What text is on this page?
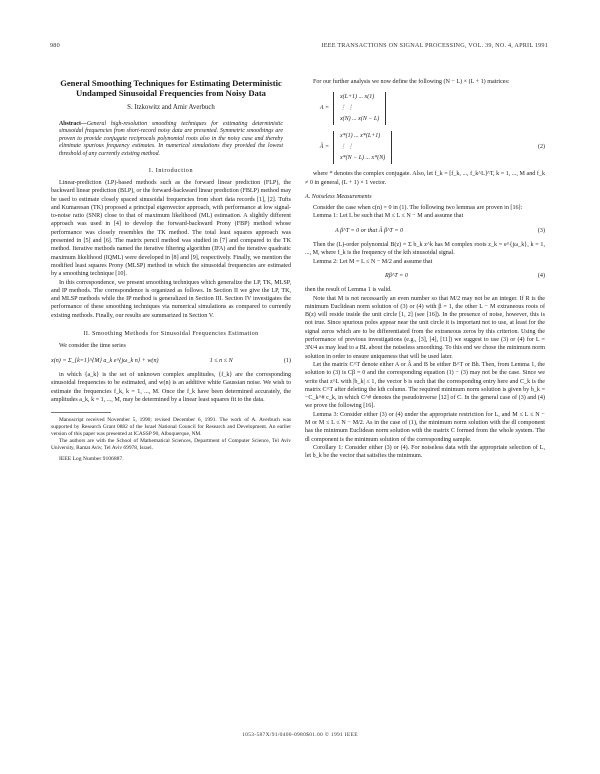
980	IEEE TRANSACTIONS ON SIGNAL PROCESSING, VOL. 39, NO. 4, APRIL 1991
General Smoothing Techniques for Estimating Deterministic Undamped Sinusoidal Frequencies from Noisy Data
S. Itzkowitz and Amir Averbuch
Abstract—General high-resolution smoothing techniques for estimating deterministic sinusoidal frequencies from short-record noisy data are presented. Symmetric smoothings are proven to provide conjugate reciprocals polynomial roots also in the noisy case and thereby eliminate spurious frequency estimates. In numerical simulations they provided the lowest threshold of any currently existing method.
I. Introduction

Linear-prediction (LP)-based methods such as the forward linear prediction (FLP), the backward linear prediction (BLP), or the forward-backward linear prediction (FBLP) method may be used to estimate closely spaced sinusoidal frequencies from short data records [1], [2]. Tufts and Kumaresan (TK) proposed a principal eigenvector approach, with performance at low signal-to-noise ratio (SNR) close to that of maximum likelihood (ML) estimation. A slightly different approach was used in [4] to develop the forward-backward Prony (FBP) method whose performance was closely resembles the TK method. The total least squares approach was presented in [5] and [6]. The matrix pencil method was studied in [7] and compared to the TK method. Iterative methods named the iterative filtering algorithm (IFA) and the iterative quadratic maximum likelihood (IQML) were developed in [8] and [9], respectively. Finally, we mention the modified least squares Prony (MLSP) method in which the sinusoidal frequencies are estimated by a smoothing technique [10].

In this correspondence, we present smoothing techniques which generalize the LP, TK, MLSP, and IP methods. The correspondence is organized as follows. In Section II we give the LP, TK, and MLSP methods while the IP method is generalized in Section III. Section IV investigates the performance of these smoothing techniques via numerical simulations as compared to currently existing methods. Finally, our results are summarized in Section V.

II. Smoothing Methods for Sinusoidal Frequencies Estimation

We consider the time series

x(n) = Σ_{k=1}^{M} a_k e^{jω_k n} + w(n)	1 ≤ n ≤ N	(1)

in which {a_k} is the set of unknown complex amplitudes, {f_k} are the corresponding sinusoidal frequencies to be estimated, and w(n) is an additive white Gaussian noise. We wish to estimate the frequencies f_k, k = 1, ..., M. Once the f_k have been determined accurately, the amplitudes a_k, k = 1, ..., M, may be determined by a linear least squares fit to the data.

Manuscript received November 5, 1990; revised December 6, 1991. The work of A. Averbuch was supported by Research Grant 0882 of the Israel National Council for Research and Development. An earlier version of this paper was presented at ICASSP 90, Albuquerque, NM.
The authors are with the School of Mathematical Sciences, Department of Computer Science, Tel Aviv University, Ramat Aviv, Tel Aviv 69978, Israel.
IEEE Log Number 9106887.

For our further analysis we now define the following (N − L) × (L + 1) matrices:

A =
x(L+1) ... x(1)
⋮ ⋮
x(N) ... x(N − L)
Â =
x*(1) ... x*(L+1)
⋮ ⋮
x*(N − L) ... x*(N)
(2)

where * denotes the complex conjugate. Also, let f_k = [f_k, ..., f_k^L]^T, k = 1, ..., M and f_k ≠ 0 in general, (L + 1) × 1 vector.

A. Noiseless Measurements

Consider the case when c(n) = 0 in (1). The following two lemmas are proven in [16]:

Lemma 1: Let L be such that M ≤ L ≤ N − M and assume that

A β^T = 0 or that Â β^T = 0	(3)

Then the (L)-order polynomial B(z) = Σ b_k z^k has M complex roots z_k = e^{jω_k}, k = 1, ..., M, where f_k is the frequency of the kth sinusoidal signal.

Lemma 2: Let M = L ≤ N − M/2 and assume that

Rβ^T = 0	(4)

then the result of Lemma 1 is valid.

Note that M is not necessarily an even number so that M/2 may not be an integer. If R is the minimum Euclidean norm solution of (3) or (4) with β = 1, the other L − M extraneous roots of B(z) will reside inside the unit circle [1, 2] (see [16]). In the presence of noise, however, this is not true. Since spurious poles appear near the unit circle it is important not to use, at least for the signal zeros which are to be differentiated from the extraneous zeros by this criterion. Using the performance of previous investigations (e.g., [3], [4], [11]) we suggest to use (3) or (4) for L = 3N/4 as may lead to a BL about the noiseless smoothing. To this end we chose the minimum norm solution in order to ensure uniqueness that will be used later.

Let the matrix C^T denote either A or Â and B be either B^T or Bh. Then, from Lemma 1, the solution to (3) is Cβ = 0 and the corresponding equation (1) − (3) may not be the case. Since we write that z^L with |b_k| ≤ 1, the vector b is such that the corresponding entry here and C_k is the matrix C^T after deleting the kth column. The required minimum norm solution is given by b_k = −C_k^# c_k, in which C^# denotes the pseudoinverse [12] of C. In the general case of (3) and (4) we prove the following [16].

Lemma 3: Consider either (3) or (4) under the appropriate restriction for L, and M ≤ L ≤ N − M or M ≤ L ≤ N − M/2. As in the case of (1), the minimum norm solution with the dl component has the minimum Euclidean norm solution with the matrix C formed from the whole system. The dl component is the minimum solution of the corresponding sample.

Corollary 1: Consider either (3) or (4). For noiseless data with the appropriate selection of L, let b_k be the vector that satisfies the minimum.

1053-587X/91/0400-0980$01.00 © 1991 IEEE
